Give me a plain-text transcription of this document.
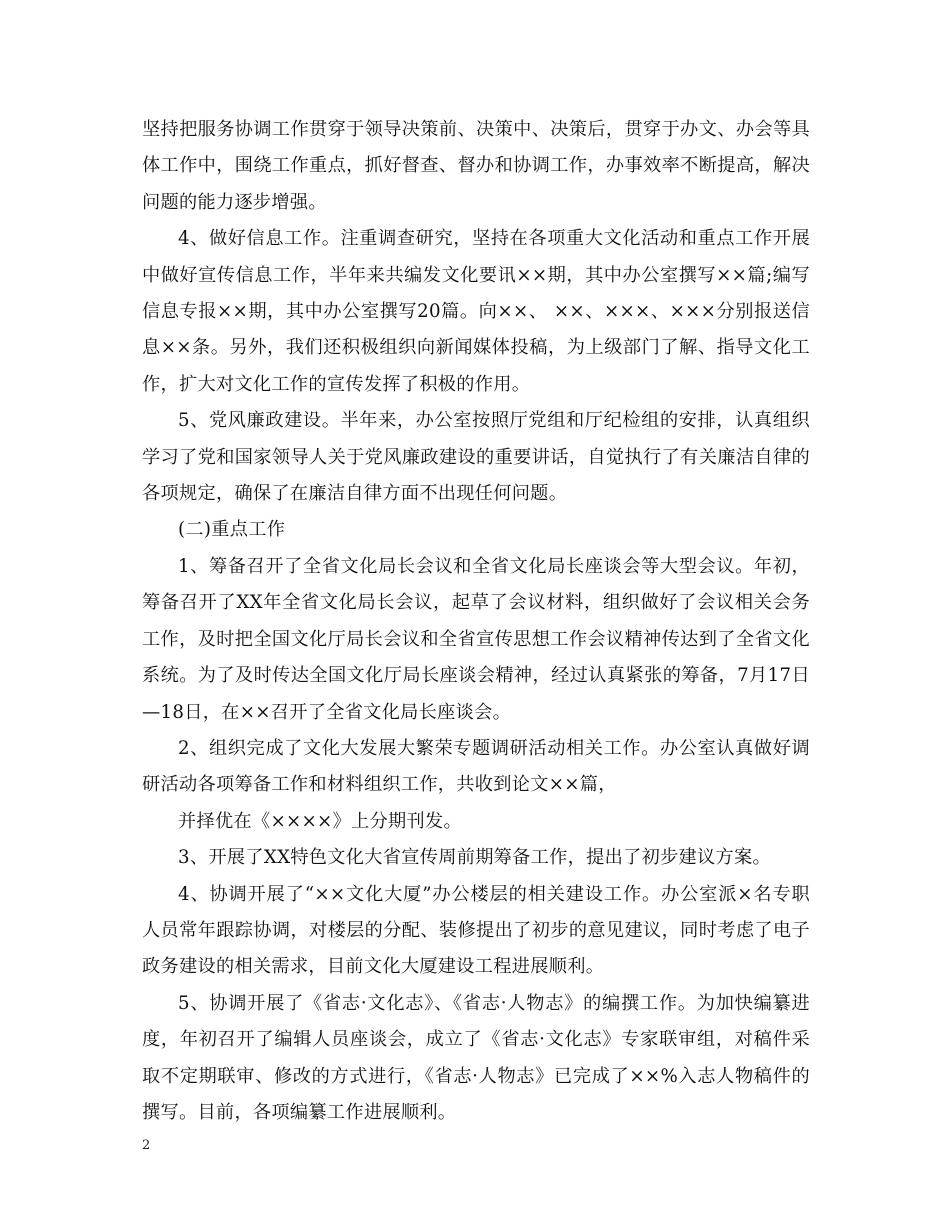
坚持把服务协调工作贯穿于领导决策前、决策中、决策后，贯穿于办文、办会等具体工作中，围绕工作重点，抓好督查、督办和协调工作，办事效率不断提高，解决问题的能力逐步增强。

4、做好信息工作。注重调查研究，坚持在各项重大文化活动和重点工作开展中做好宣传信息工作，半年来共编发文化要讯××期，其中办公室撰写××篇;编写信息专报××期，其中办公室撰写20篇。向××、 ××、×××、×××分别报送信息××条。另外，我们还积极组织向新闻媒体投稿，为上级部门了解、指导文化工作，扩大对文化工作的宣传发挥了积极的作用。

5、党风廉政建设。半年来，办公室按照厅党组和厅纪检组的安排，认真组织学习了党和国家领导人关于党风廉政建设的重要讲话，自觉执行了有关廉洁自律的各项规定，确保了在廉洁自律方面不出现任何问题。

(二)重点工作

1、筹备召开了全省文化局长会议和全省文化局长座谈会等大型会议。年初，筹备召开了XX年全省文化局长会议，起草了会议材料，组织做好了会议相关会务工作，及时把全国文化厅局长会议和全省宣传思想工作会议精神传达到了全省文化系统。为了及时传达全国文化厅局长座谈会精神，经过认真紧张的筹备，7月17日—18日，在××召开了全省文化局长座谈会。

2、组织完成了文化大发展大繁荣专题调研活动相关工作。办公室认真做好调研活动各项筹备工作和材料组织工作，共收到论文××篇，

并择优在《××××》上分期刊发。

3、开展了XX特色文化大省宣传周前期筹备工作，提出了初步建议方案。

4、协调开展了“××文化大厦”办公楼层的相关建设工作。办公室派×名专职人员常年跟踪协调，对楼层的分配、装修提出了初步的意见建议，同时考虑了电子政务建设的相关需求，目前文化大厦建设工程进展顺利。

5、协调开展了《省志·文化志》、《省志·人物志》的编撰工作。为加快编纂进度，年初召开了编辑人员座谈会，成立了《省志·文化志》专家联审组，对稿件采取不定期联审、修改的方式进行，《省志·人物志》已完成了××%入志人物稿件的撰写。目前，各项编纂工作进展顺利。

2
